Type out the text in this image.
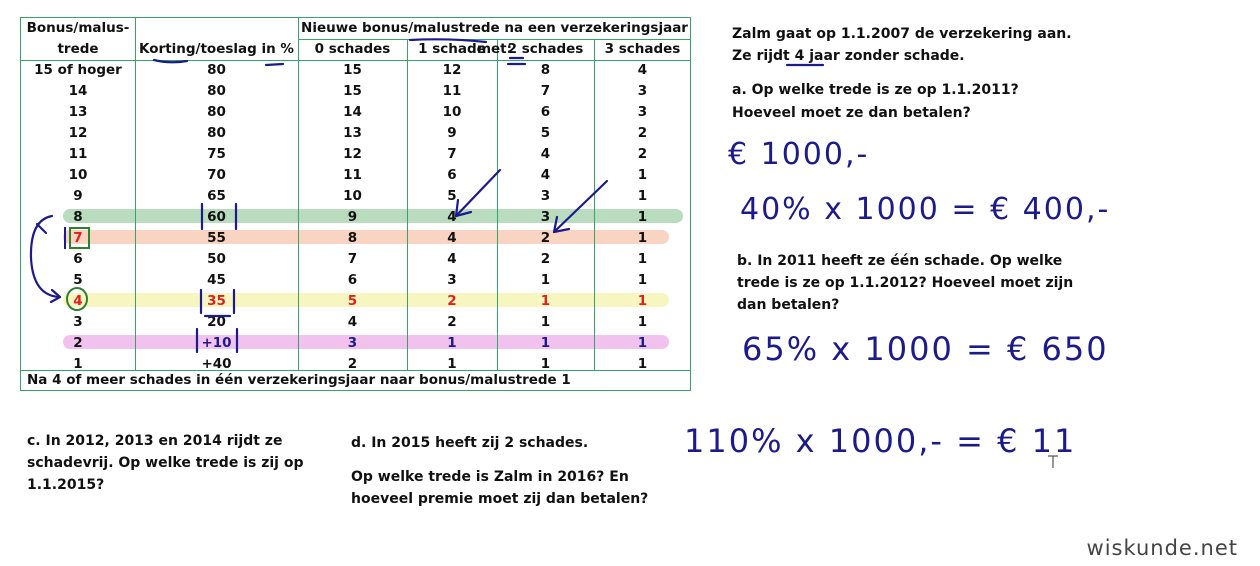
Bonus/malus-
trede	Korting/toeslag in %
Nieuwe bonus/malustrede na een verzekeringsjaar met:
0 schades	1 schade	2 schades	3 schades
15 of hoger	80	15	12	8	4
14	80	15	11	7	3
13	80	14	10	6	3
12	80	13	9	5	2
11	75	12	7	4	2
10	70	11	6	4	1
9	65	10	5	3	1
8	60	9	4	3	1
7	55	8	4	2	1
6	50	7	4	2	1
5	45	6	3	1	1
4	35	5	2	1	1
3	20	4	2	1	1
2	+10	3	1	1	1
1	+40	2	1	1	1
Na 4 of meer schades in één verzekeringsjaar naar bonus/malustrede 1
Zalm gaat op 1.1.2007 de verzekering aan.
Ze rijdt 4 jaar zonder schade.
a. Op welke trede is ze op 1.1.2011?
Hoeveel moet ze dan betalen?
b. In 2011 heeft ze één schade. Op welke
trede is ze op 1.1.2012? Hoeveel moet zijn
dan betalen?
c. In 2012, 2013 en 2014 rijdt ze
schadevrij. Op welke trede is zij op
1.1.2015?
d. In 2015 heeft zij 2 schades.
Op welke trede is Zalm in 2016? En
hoeveel premie moet zij dan betalen?
€ 1000,-
40% x 1000 = € 400,-
65% x 1000 = € 650
110% x 1000,- = € 11
wiskunde.net
